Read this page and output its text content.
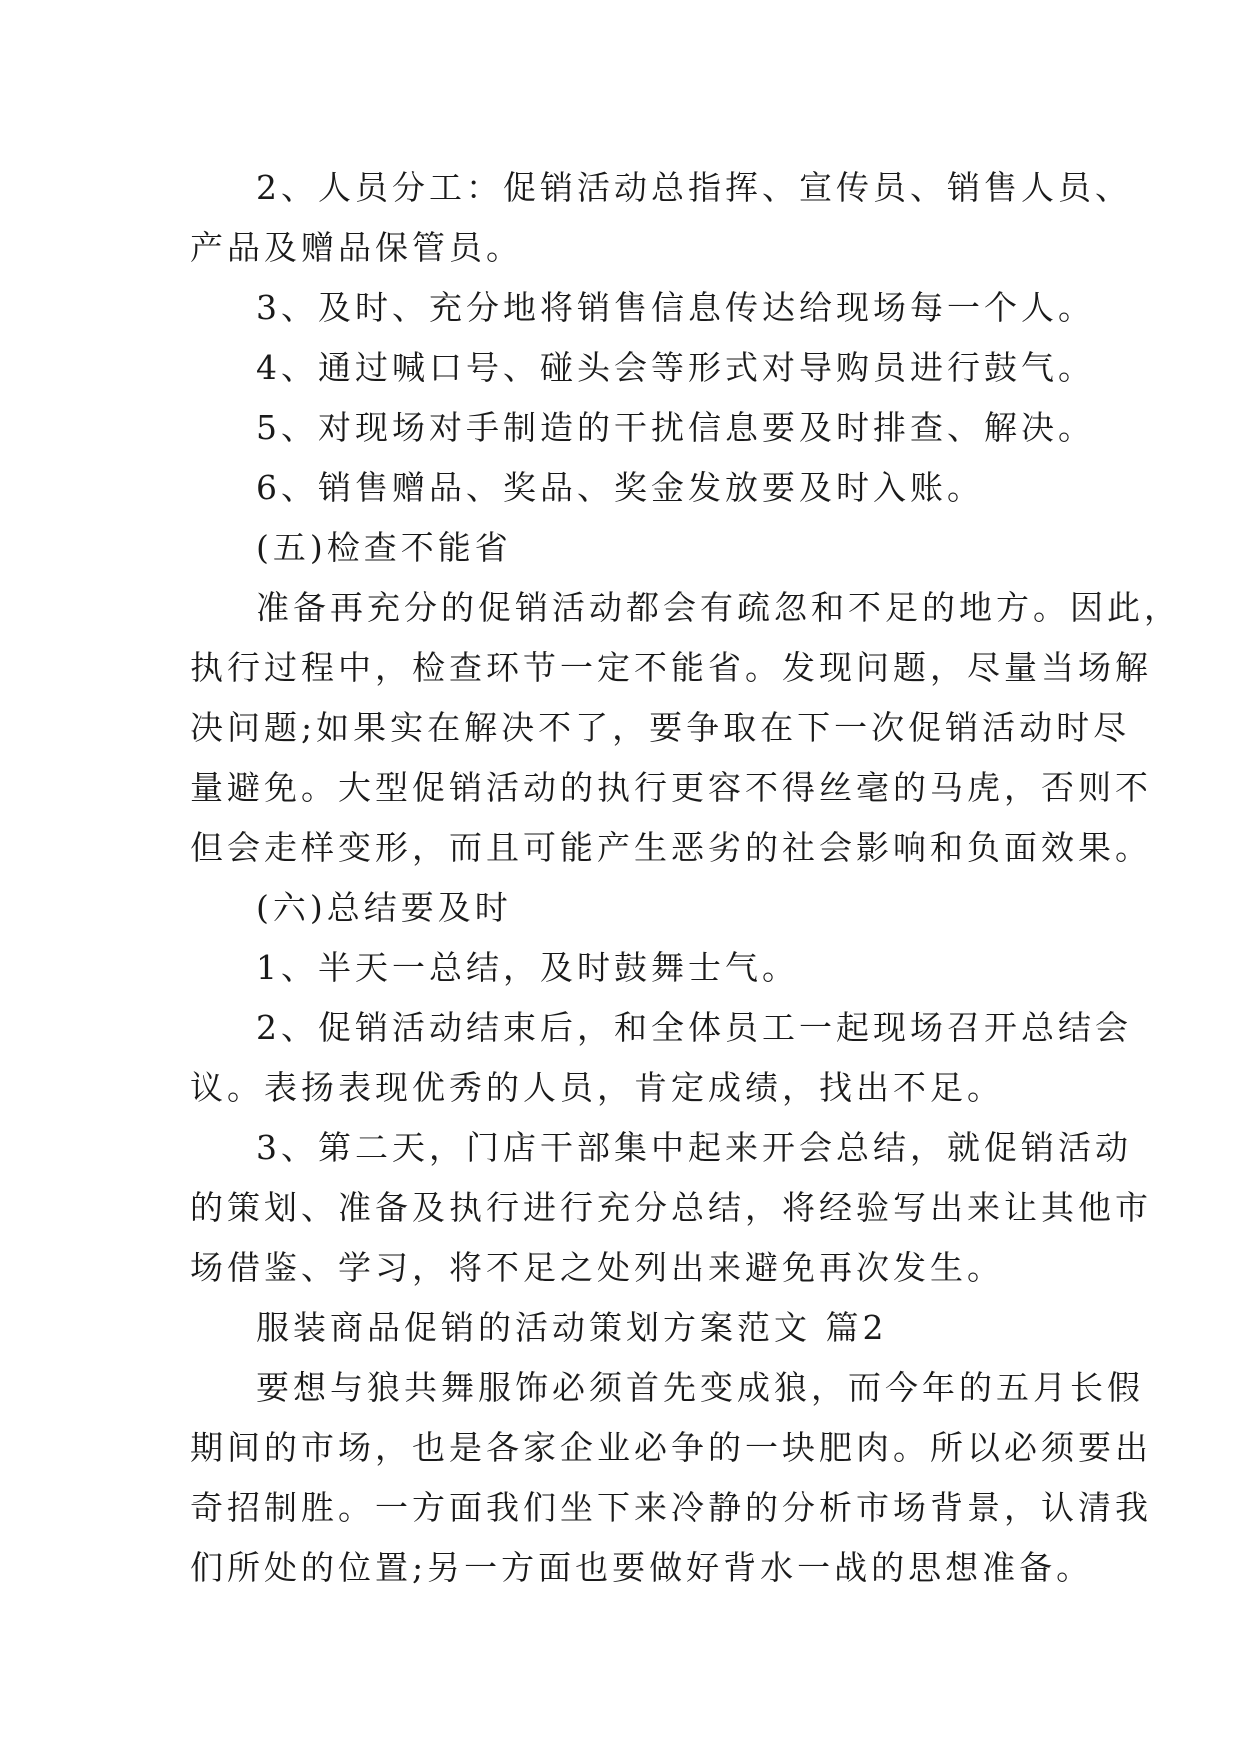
2、人员分工：促销活动总指挥、宣传员、销售人员、
产品及赠品保管员。

3、及时、充分地将销售信息传达给现场每一个人。

4、通过喊口号、碰头会等形式对导购员进行鼓气。

5、对现场对手制造的干扰信息要及时排查、解决。

6、销售赠品、奖品、奖金发放要及时入账。

(五)检查不能省

准备再充分的促销活动都会有疏忽和不足的地方。因此，
执行过程中，检查环节一定不能省。发现问题，尽量当场解
决问题;如果实在解决不了，要争取在下一次促销活动时尽
量避免。大型促销活动的执行更容不得丝毫的马虎，否则不
但会走样变形，而且可能产生恶劣的社会影响和负面效果。

(六)总结要及时

1、半天一总结，及时鼓舞士气。

2、促销活动结束后，和全体员工一起现场召开总结会
议。表扬表现优秀的人员，肯定成绩，找出不足。

3、第二天，门店干部集中起来开会总结，就促销活动
的策划、准备及执行进行充分总结，将经验写出来让其他市
场借鉴、学习，将不足之处列出来避免再次发生。

服装商品促销的活动策划方案范文 篇2

要想与狼共舞服饰必须首先变成狼，而今年的五月长假
期间的市场，也是各家企业必争的一块肥肉。所以必须要出
奇招制胜。一方面我们坐下来冷静的分析市场背景，认清我
们所处的位置;另一方面也要做好背水一战的思想准备。
